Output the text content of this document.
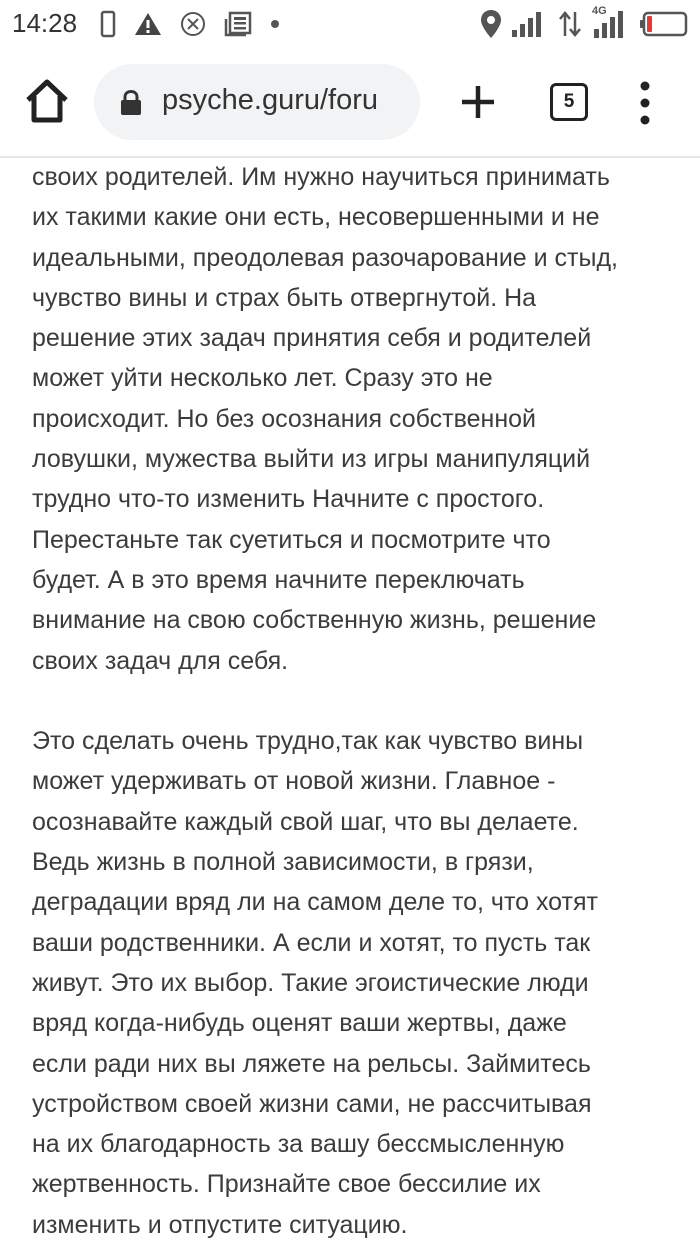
14:28	4G
psyche.guru/foru	5

своих родителей. Им нужно научиться принимать
их такими какие они есть, несовершенными и не
идеальными, преодолевая разочарование и стыд,
чувство вины и страх быть отвергнутой. На
решение этих задач принятия себя и родителей
может уйти несколько лет. Сразу это не
происходит. Но без осознания собственной
ловушки, мужества выйти из игры манипуляций
трудно что-то изменить Начните с простого.
Перестаньте так суетиться и посмотрите что
будет. А в это время начните переключать
внимание на свою собственную жизнь, решение
своих задач для себя.

Это сделать очень трудно,так как чувство вины
может удерживать от новой жизни. Главное -
осознавайте каждый свой шаг, что вы делаете.
Ведь жизнь в полной зависимости, в грязи,
деградации вряд ли на самом деле то, что хотят
ваши родственники. А если и хотят, то пусть так
живут. Это их выбор. Такие эгоистические люди
вряд когда-нибудь оценят ваши жертвы, даже
если ради них вы ляжете на рельсы. Займитесь
устройством своей жизни сами, не рассчитывая
на их благодарность за вашу бессмысленную
жертвенность. Признайте свое бессилие их
изменить и отпустите ситуацию.
